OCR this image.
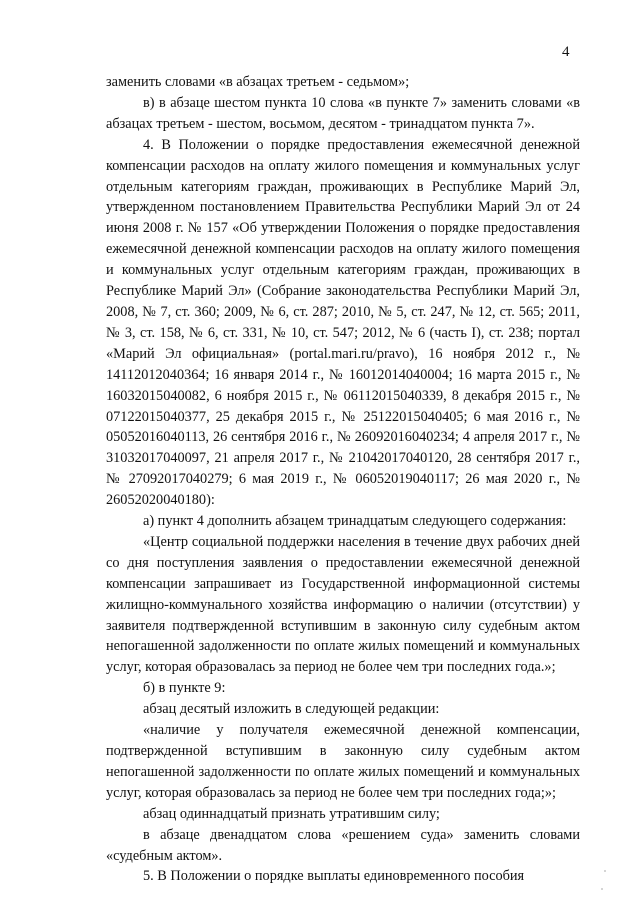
4

заменить словами «в абзацах третьем - седьмом»;

в) в абзаце шестом пункта 10 слова «в пункте 7» заменить словами «в абзацах третьем - шестом, восьмом, десятом - тринадцатом пункта 7».

4. В Положении о порядке предоставления ежемесячной денежной компенсации расходов на оплату жилого помещения и коммунальных услуг отдельным категориям граждан, проживающих в Республике Марий Эл, утвержденном постановлением Правительства Республики Марий Эл от 24 июня 2008 г. № 157 «Об утверждении Положения о порядке предоставления ежемесячной денежной компенсации расходов на оплату жилого помещения и коммунальных услуг отдельным категориям граждан, проживающих в Республике Марий Эл» (Собрание законодательства Республики Марий Эл, 2008, № 7, ст. 360; 2009, № 6, ст. 287; 2010, № 5, ст. 247, № 12, ст. 565; 2011, № 3, ст. 158, № 6, ст. 331, № 10, ст. 547; 2012, № 6 (часть I), ст. 238; портал «Марий Эл официальная» (portal.mari.ru/pravo), 16 ноября 2012 г., № 14112012040364; 16 января 2014 г., № 16012014040004; 16 марта 2015 г., № 16032015040082, 6 ноября 2015 г., № 06112015040339, 8 декабря 2015 г., № 07122015040377, 25 декабря 2015 г., № 25122015040405; 6 мая 2016 г., № 05052016040113, 26 сентября 2016 г., № 26092016040234; 4 апреля 2017 г., № 31032017040097, 21 апреля 2017 г., № 21042017040120, 28 сентября 2017 г., № 27092017040279; 6 мая 2019 г., № 06052019040117; 26 мая 2020 г., № 26052020040180):

а) пункт 4 дополнить абзацем тринадцатым следующего содержания:

«Центр социальной поддержки населения в течение двух рабочих дней со дня поступления заявления о предоставлении ежемесячной денежной компенсации запрашивает из Государственной информационной системы жилищно-коммунального хозяйства информацию о наличии (отсутствии) у заявителя подтвержденной вступившим в законную силу судебным актом непогашенной задолженности по оплате жилых помещений и коммунальных услуг, которая образовалась за период не более чем три последних года.»;

б) в пункте 9:

абзац десятый изложить в следующей редакции:

«наличие у получателя ежемесячной денежной компенсации, подтвержденной вступившим в законную силу судебным актом непогашенной задолженности по оплате жилых помещений и коммунальных услуг, которая образовалась за период не более чем три последних года;»;

абзац одиннадцатый признать утратившим силу;

в абзаце двенадцатом слова «решением суда» заменить словами «судебным актом».

5. В Положении о порядке выплаты единовременного пособия
